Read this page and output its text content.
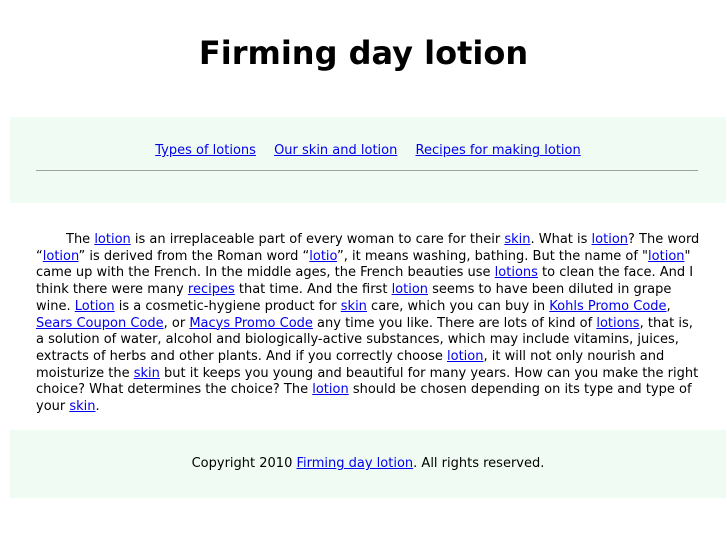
Firming day lotion
Types of lotions Our skin and lotion Recipes for making lotion

The lotion is an irreplaceable part of every woman to care for their skin. What is lotion? The word “lotion” is derived from the Roman word “lotio”, it means washing, bathing. But the name of "lotion" came up with the French. In the middle ages, the French beauties use lotions to clean the face. And I think there were many recipes that time. And the first lotion seems to have been diluted in grape wine. Lotion is a cosmetic-hygiene product for skin care, which you can buy in Kohls Promo Code, Sears Coupon Code, or Macys Promo Code any time you like. There are lots of kind of lotions, that is, a solution of water, alcohol and biologically-active substances, which may include vitamins, juices, extracts of herbs and other plants. And if you correctly choose lotion, it will not only nourish and moisturize the skin but it keeps you young and beautiful for many years. How can you make the right choice? What determines the choice? The lotion should be chosen depending on its type and type of your skin.

Copyright 2010 Firming day lotion. All rights reserved.
